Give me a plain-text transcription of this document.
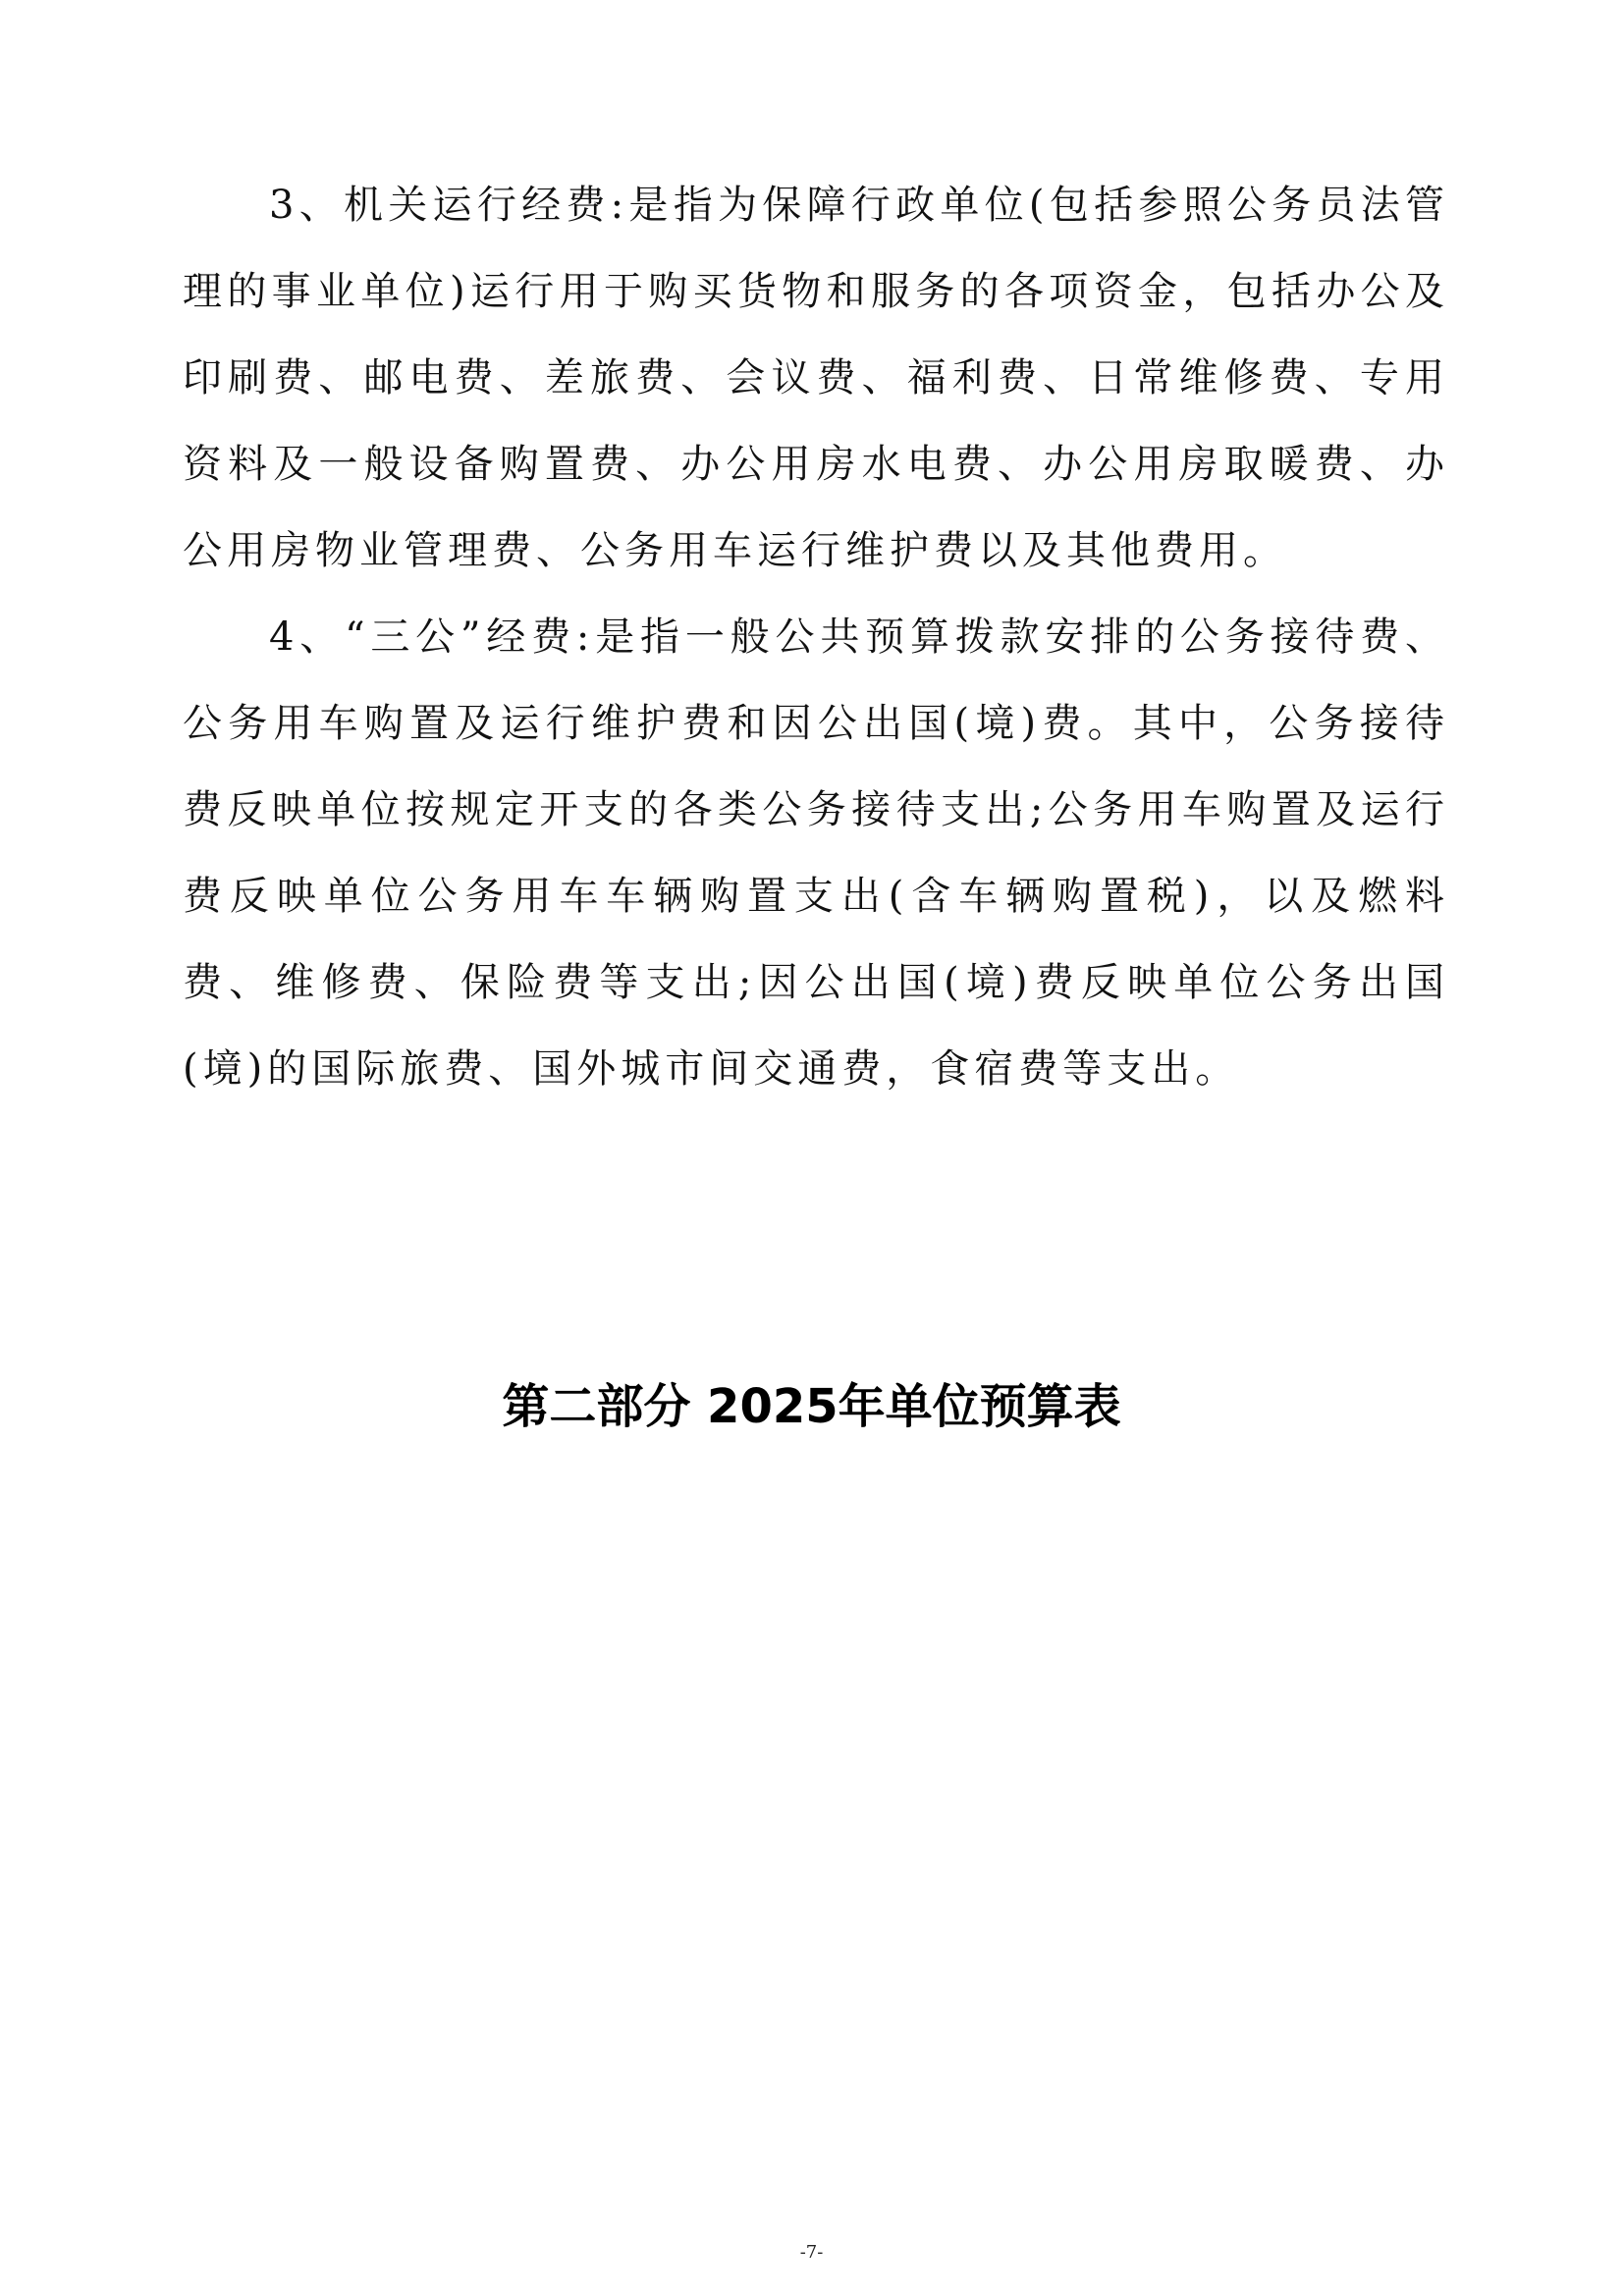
3、机关运行经费:是指为保障行政单位(包括参照公务员法管理的事业单位)运行用于购买货物和服务的各项资金，包括办公及印刷费、邮电费、差旅费、会议费、福利费、日常维修费、专用资料及一般设备购置费、办公用房水电费、办公用房取暖费、办公用房物业管理费、公务用车运行维护费以及其他费用。

4、“三公”经费:是指一般公共预算拨款安排的公务接待费、公务用车购置及运行维护费和因公出国(境)费。其中，公务接待费反映单位按规定开支的各类公务接待支出;公务用车购置及运行费反映单位公务用车车辆购置支出(含车辆购置税)，以及燃料费、维修费、保险费等支出;因公出国(境)费反映单位公务出国(境)的国际旅费、国外城市间交通费，食宿费等支出。

第二部分 2025年单位预算表
-7-
